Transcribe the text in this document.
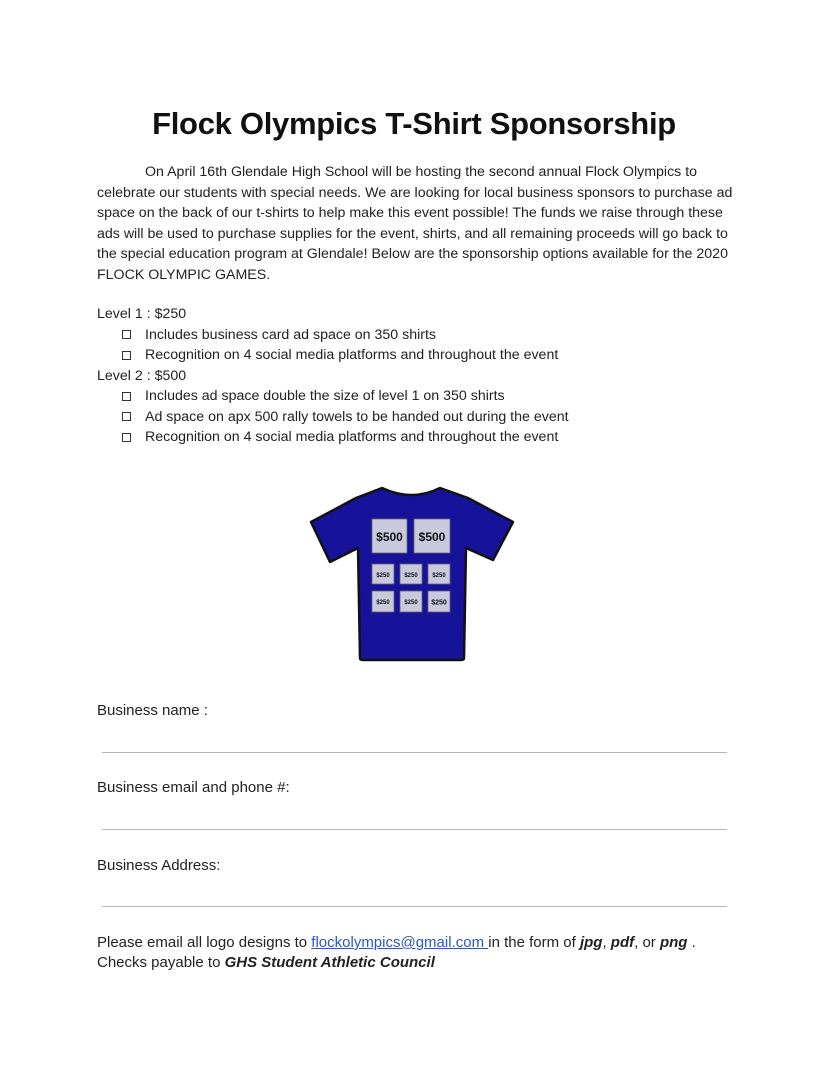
Flock Olympics T-Shirt Sponsorship
On April 16th Glendale High School will be hosting the second annual Flock Olympics to celebrate our students with special needs. We are looking for local business sponsors to purchase ad space on the back of our t-shirts to help make this event possible! The funds we raise through these ads will be used to purchase supplies for the event, shirts, and all remaining proceeds will go back to the special education program at Glendale! Below are the sponsorship options available for the 2020 FLOCK OLYMPIC GAMES.
Level 1 : $250
Includes business card ad space on 350 shirts
Recognition on 4 social media platforms and throughout the event
Level 2 : $500
Includes ad space double the size of level 1 on 350 shirts
Ad space on apx 500 rally towels to be handed out during the event
Recognition on 4 social media platforms and throughout the event
$500 $500
$250 $250 $250
$250 $250 $250
Business name :
Business email and phone #:
Business Address:
Please email all logo designs to flockolympics@gmail.com in the form of jpg, pdf, or png .
Checks payable to GHS Student Athletic Council
